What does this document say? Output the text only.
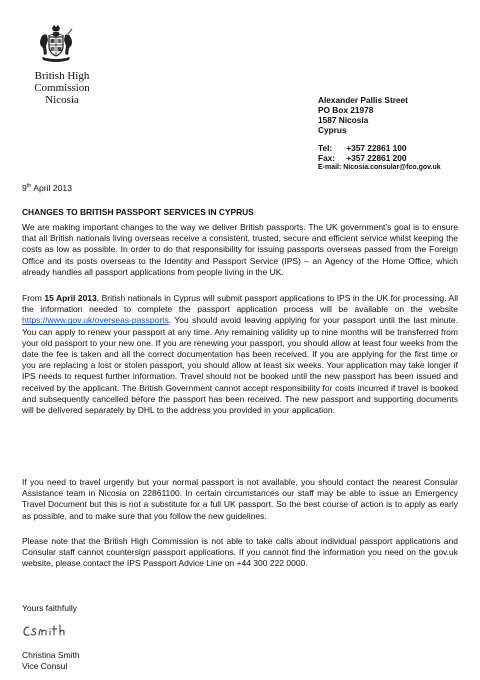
British High
Commission
Nicosia	Alexander Pallis Street
PO Box 21978
1587 Nicosia
Cyprus
Tel: +357 22861 100
Fax: +357 22861 200
E-mail: Nicosia.consular@fco.gov.uk
9th April 2013
CHANGES TO BRITISH PASSPORT SERVICES IN CYPRUS

We are making important changes to the way we deliver British passports. The UK government’s goal is to ensure that all British nationals living overseas receive a consistent, trusted, secure and efficient service whilst keeping the costs as low as possible. In order to do that responsibility for issuing passports overseas passed from the Foreign Office and its posts overseas to the Identity and Passport Service (IPS) – an Agency of the Home Office, which already handles all passport applications from people living in the UK.

From 15 April 2013, British nationals in Cyprus will submit passport applications to IPS in the UK for processing. All the information needed to complete the passport application process will be available on the website https://www.gov.uk/overseas-passports. You should avoid leaving applying for your passport until the last minute. You can apply to renew your passport at any time. Any remaining validity up to nine months will be transferred from your old passport to your new one. If you are renewing your passport, you should allow at least four weeks from the date the fee is taken and all the correct documentation has been received. If you are applying for the first time or you are replacing a lost or stolen passport, you should allow at least six weeks. Your application may take longer if IPS needs to request further information. Travel should not be booked until the new passport has been issued and received by the applicant. The British Government cannot accept responsibility for costs incurred if travel is booked and subsequently cancelled before the passport has been received. The new passport and supporting documents will be delivered separately by DHL to the address you provided in your application.

If you need to travel urgently but your normal passport is not available, you should contact the nearest Consular Assistance team in Nicosia on 22861100. In certain circumstances our staff may be able to issue an Emergency Travel Document but this is not a substitute for a full UK passport. So the best course of action is to apply as early as possible, and to make sure that you follow the new guidelines.

Please note that the British High Commission is not able to take calls about individual passport applications and Consular staff cannot countersign passport applications. If you cannot find the information you need on the gov.uk website, please contact the IPS Passport Advice Line on +44 300 222 0000.

Yours faithfully
Christina Smith
Vice Consul
